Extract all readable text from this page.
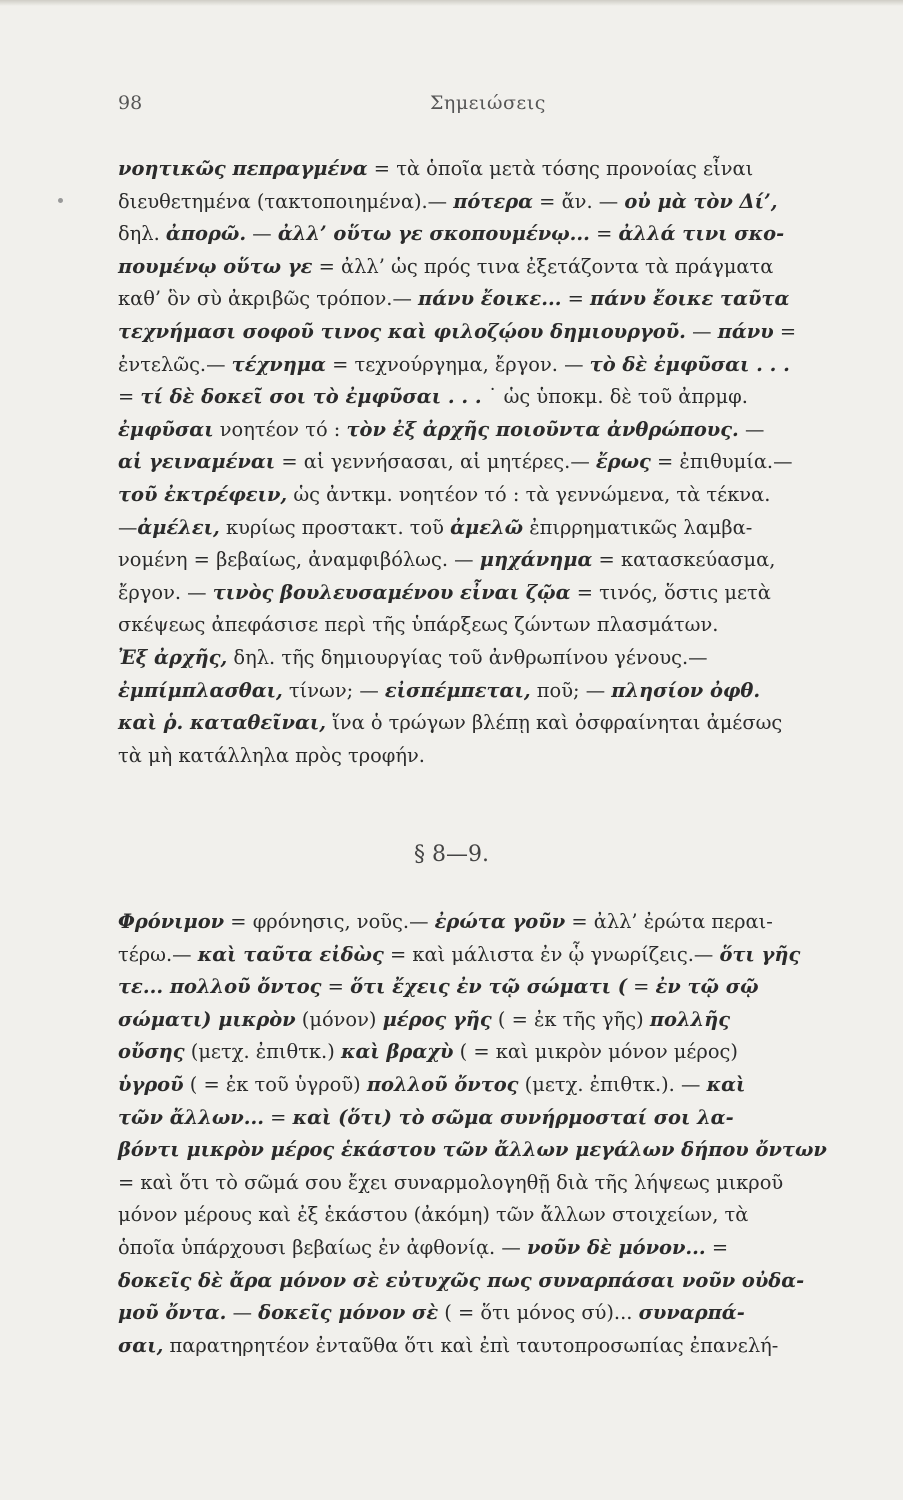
98	Σημειώσεις
νοητικῶς πεπραγμένα = τὰ ὁποῖα μετὰ τόσης προνοίας εἶναι
διευθετημένα (τακτοποιημένα).— πότερα = ἄν. — οὐ μὰ τὸν Δί’,
δηλ. ἀπορῶ. — ἀλλ’ οὕτω γε σκοπουμένῳ... = ἀλλά τινι σκο-
πουμένῳ οὕτω γε = ἀλλ’ ὡς πρός τινα ἐξετάζοντα τὰ πράγματα
καθ’ ὃν σὺ ἀκριβῶς τρόπον.— πάνυ ἔοικε... = πάνυ ἔοικε ταῦτα
τεχνήμασι σοφοῦ τινος καὶ φιλοζῴου δημιουργοῦ. — πάνυ =
ἐντελῶς.— τέχνημα = τεχνούργημα, ἔργον. — τὸ δὲ ἐμφῦσαι . . .
= τί δὲ δοκεῖ σοι τὸ ἐμφῦσαι . . . ˙ ὡς ὑποκμ. δὲ τοῦ ἀπρμφ.
ἐμφῦσαι νοητέον τό : τὸν ἐξ ἀρχῆς ποιοῦντα ἀνθρώπους. —
αἱ γειναμέναι = αἱ γεννήσασαι, αἱ μητέρες.— ἔρως = ἐπιθυμία.—
τοῦ ἐκτρέφειν, ὡς ἀντκμ. νοητέον τό : τὰ γεννώμενα, τὰ τέκνα.
—ἀμέλει, κυρίως προστακτ. τοῦ ἀμελῶ ἐπιρρηματικῶς λαμβα-
νομένη = βεβαίως, ἀναμφιβόλως. — μηχάνημα = κατασκεύασμα,
ἔργον. — τινὸς βουλευσαμένου εἶναι ζῷα = τινός, ὅστις μετὰ
σκέψεως ἀπεφάσισε περὶ τῆς ὑπάρξεως ζώντων πλασμάτων.
Ἐξ ἀρχῆς, δηλ. τῆς δημιουργίας τοῦ ἀνθρωπίνου γένους.—
ἐμπίμπλασθαι, τίνων; — εἰσπέμπεται, ποῦ; — πλησίον ὀφθ.
καὶ ῥ. καταθεῖναι, ἵνα ὁ τρώγων βλέπῃ καὶ ὀσφραίνηται ἀμέσως
τὰ μὴ κατάλληλα πρὸς τροφήν.
§ 8—9.
Φρόνιμον = φρόνησις, νοῦς.— ἐρώτα γοῦν = ἀλλ’ ἐρώτα περαι-
τέρω.— καὶ ταῦτα εἰδὼς = καὶ μάλιστα ἐν ᾧ γνωρίζεις.— ὅτι γῆς
τε... πολλοῦ ὄντος = ὅτι ἔχεις ἐν τῷ σώματι ( = ἐν τῷ σῷ
σώματι) μικρὸν (μόνον) μέρος γῆς ( = ἐκ τῆς γῆς) πολλῆς
οὔσης (μετχ. ἐπιθτκ.) καὶ βραχὺ ( = καὶ μικρὸν μόνον μέρος)
ὑγροῦ ( = ἐκ τοῦ ὑγροῦ) πολλοῦ ὄντος (μετχ. ἐπιθτκ.). — καὶ
τῶν ἄλλων... = καὶ (ὅτι) τὸ σῶμα συνήρμοσταί σοι λα-
βόντι μικρὸν μέρος ἑκάστου τῶν ἄλλων μεγάλων δήπου ὄντων
= καὶ ὅτι τὸ σῶμά σου ἔχει συναρμολογηθῇ διὰ τῆς λήψεως μικροῦ
μόνον μέρους καὶ ἐξ ἑκάστου (ἀκόμη) τῶν ἄλλων στοιχείων, τὰ
ὁποῖα ὑπάρχουσι βεβαίως ἐν ἀφθονίᾳ. — νοῦν δὲ μόνον... =
δοκεῖς δὲ ἄρα μόνον σὲ εὐτυχῶς πως συναρπάσαι νοῦν οὐδα-
μοῦ ὄντα. — δοκεῖς μόνον σὲ ( = ὅτι μόνος σύ)... συναρπά-
σαι, παρατηρητέον ἐνταῦθα ὅτι καὶ ἐπὶ ταυτοπροσωπίας ἐπανελή-
